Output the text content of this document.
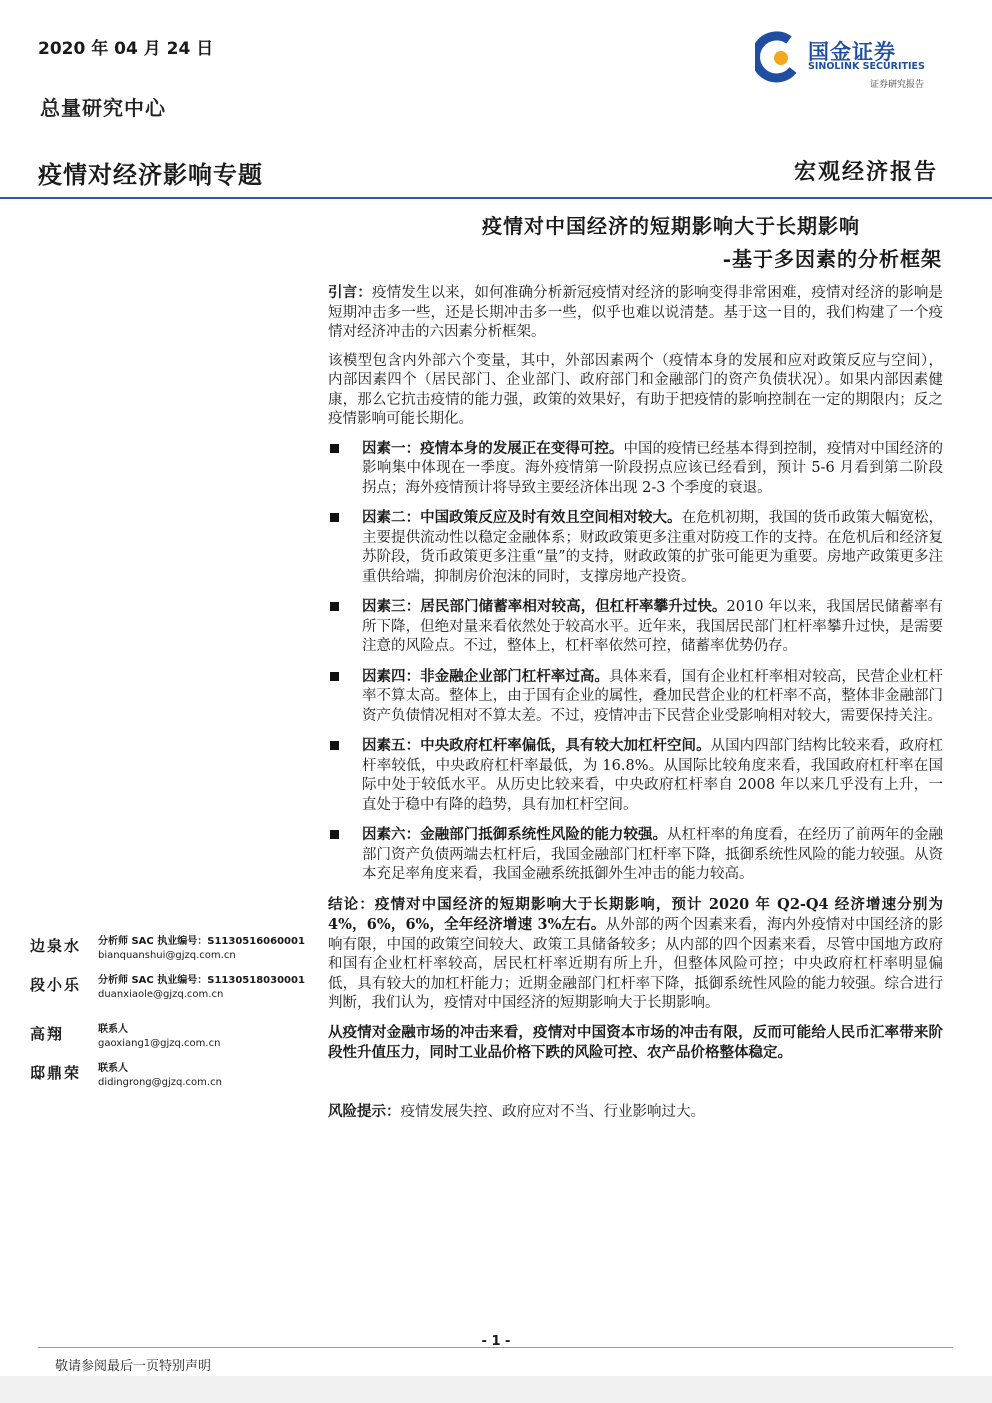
2020 年 04 月 24 日
总量研究中心
疫情对经济影响专题	宏观经济报告
国金证券
SINOLINK SECURITIES
证券研究报告
疫情对中国经济的短期影响大于长期影响
-基于多因素的分析框架

引言：疫情发生以来，如何准确分析新冠疫情对经济的影响变得非常困难，疫情对经济的影响是短期冲击多一些，还是长期冲击多一些，似乎也难以说清楚。基于这一目的，我们构建了一个疫情对经济冲击的六因素分析框架。

该模型包含内外部六个变量，其中，外部因素两个（疫情本身的发展和应对政策反应与空间），内部因素四个（居民部门、企业部门、政府部门和金融部门的资产负债状况）。如果内部因素健康，那么它抗击疫情的能力强，政策的效果好，有助于把疫情的影响控制在一定的期限内；反之疫情影响可能长期化。

因素一：疫情本身的发展正在变得可控。中国的疫情已经基本得到控制，疫情对中国经济的影响集中体现在一季度。海外疫情第一阶段拐点应该已经看到，预计 5-6 月看到第二阶段拐点；海外疫情预计将导致主要经济体出现 2-3 个季度的衰退。
因素二：中国政策反应及时有效且空间相对较大。在危机初期，我国的货币政策大幅宽松，主要提供流动性以稳定金融体系；财政政策更多注重对防疫工作的支持。在危机后和经济复苏阶段，货币政策更多注重“量”的支持，财政政策的扩张可能更为重要。房地产政策更多注重供给端，抑制房价泡沫的同时，支撑房地产投资。
因素三：居民部门储蓄率相对较高，但杠杆率攀升过快。2010 年以来，我国居民储蓄率有所下降，但绝对量来看依然处于较高水平。近年来，我国居民部门杠杆率攀升过快，是需要注意的风险点。不过，整体上，杠杆率依然可控，储蓄率优势仍存。
因素四：非金融企业部门杠杆率过高。具体来看，国有企业杠杆率相对较高，民营企业杠杆率不算太高。整体上，由于国有企业的属性，叠加民营企业的杠杆率不高，整体非金融部门资产负债情况相对不算太差。不过，疫情冲击下民营企业受影响相对较大，需要保持关注。
因素五：中央政府杠杆率偏低，具有较大加杠杆空间。从国内四部门结构比较来看，政府杠杆率较低，中央政府杠杆率最低，为 16.8%。从国际比较角度来看，我国政府杠杆率在国际中处于较低水平。从历史比较来看，中央政府杠杆率自 2008 年以来几乎没有上升，一直处于稳中有降的趋势，具有加杠杆空间。
因素六：金融部门抵御系统性风险的能力较强。从杠杆率的角度看，在经历了前两年的金融部门资产负债两端去杠杆后，我国金融部门杠杆率下降，抵御系统性风险的能力较强。从资本充足率角度来看，我国金融系统抵御外生冲击的能力较高。

结论：疫情对中国经济的短期影响大于长期影响，预计 2020 年 Q2-Q4 经济增速分别为 4%，6%，6%，全年经济增速 3%左右。从外部的两个因素来看，海内外疫情对中国经济的影响有限，中国的政策空间较大、政策工具储备较多；从内部的四个因素来看，尽管中国地方政府和国有企业杠杆率较高，居民杠杆率近期有所上升，但整体风险可控；中央政府杠杆率明显偏低，具有较大的加杠杆能力；近期金融部门杠杆率下降，抵御系统性风险的能力较强。综合进行判断，我们认为，疫情对中国经济的短期影响大于长期影响。

从疫情对金融市场的冲击来看，疫情对中国资本市场的冲击有限，反而可能给人民币汇率带来阶段性升值压力，同时工业品价格下跌的风险可控、农产品价格整体稳定。

风险提示：疫情发展失控、政府应对不当、行业影响过大。

边泉水 分析师 SAC 执业编号：S1130516060001
bianquanshui@gjzq.com.cn
段小乐 分析师 SAC 执业编号：S1130518030001
duanxiaole@gjzq.com.cn
高翔	联系人
gaoxiang1@gjzq.com.cn
邸鼎荣 联系人
didingrong@gjzq.com.cn
- 1 -
敬请参阅最后一页特别声明
